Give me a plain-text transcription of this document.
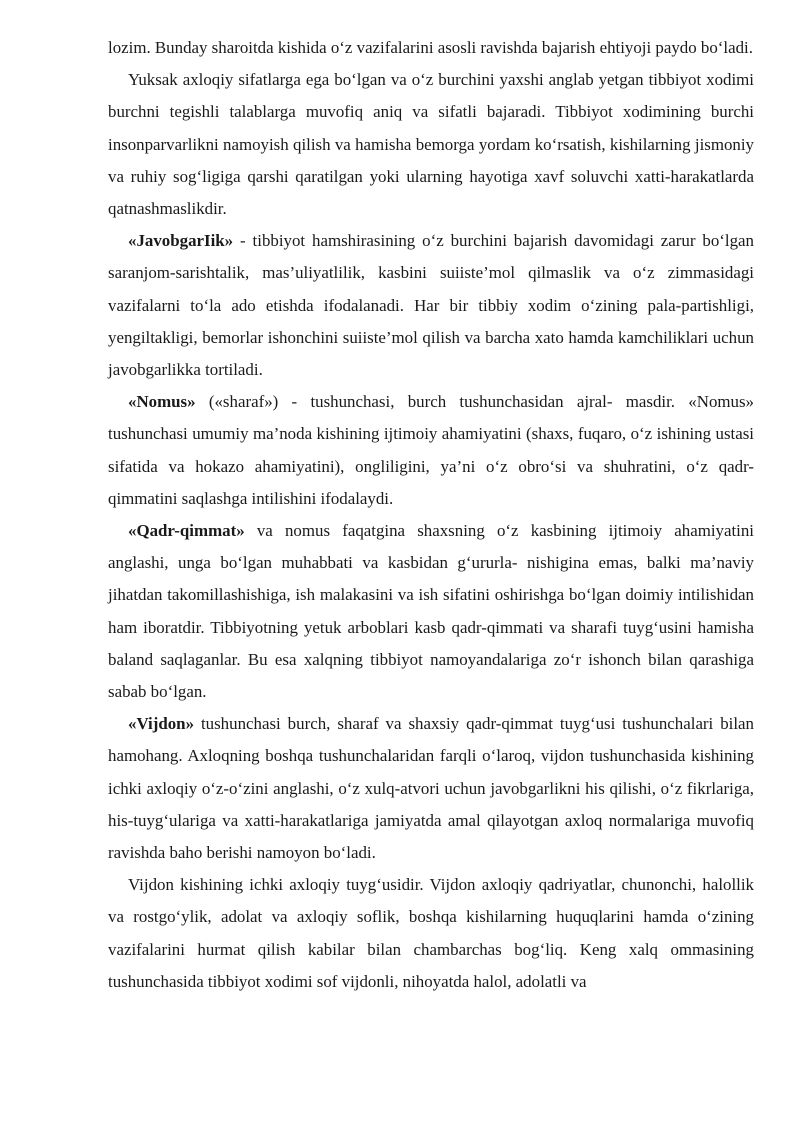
lozim. Bunday sharoitda kishida o‘z vazifalarini asosli ravishda bajarish ehtiyoji paydo bo‘ladi.

Yuksak axloqiy sifatlarga ega bo‘lgan va o‘z burchini yaxshi anglab yetgan tibbiyot xodimi burchni tegishli talablarga muvofiq aniq va sifatli bajaradi. Tibbiyot xodimining burchi insonparvarlikni namoyish qilish va hamisha bemorga yordam ko‘rsatish, kishilarning jismoniy va ruhiy sog‘ligiga qarshi qaratilgan yoki ularning hayotiga xavf soluvchi xatti-harakatlarda qatnashmaslikdir.

«JavobgarIik» - tibbiyot hamshirasining o‘z burchini bajarish davomidagi zarur bo‘lgan saranjom-sarishtalik, mas’uliyatlilik, kasbini suiiste’mol qilmaslik va o‘z zimmasidagi vazifalarni to‘la ado etishda ifodalanadi. Har bir tibbiy xodim o‘zining pala-partishligi, yengiltakligi, bemorlar ishonchini suiiste’mol qilish va barcha xato hamda kamchiliklari uchun javobgarlikka tortiladi.

«Nomus» («sharaf») - tushunchasi, burch tushunchasidan ajral- masdir. «Nomus» tushunchasi umumiy ma’noda kishining ijtimoiy ahamiyatini (shaxs, fuqaro, o‘z ishining ustasi sifatida va hokazo ahamiyatini), ongliligini, ya’ni o‘z obro‘si va shuhratini, o‘z qadr- qimmatini saqlashga intilishini ifodalaydi.

«Qadr-qimmat» va nomus faqatgina shaxsning o‘z kasbining ijtimoiy ahamiyatini anglashi, unga bo‘lgan muhabbati va kasbidan g‘ururla- nishigina emas, balki ma’naviy jihatdan takomillashishiga, ish malakasini va ish sifatini oshirishga bo‘lgan doimiy intilishidan ham iboratdir. Tibbiyotning yetuk arboblari kasb qadr-qimmati va sharafi tuyg‘usini hamisha baland saqlaganlar. Bu esa xalqning tibbiyot namoyandalariga zo‘r ishonch bilan qarashiga sabab bo‘lgan.

«Vijdon» tushunchasi burch, sharaf va shaxsiy qadr-qimmat tuyg‘usi tushunchalari bilan hamohang. Axloqning boshqa tushunchalaridan farqli o‘laroq, vijdon tushunchasida kishining ichki axloqiy o‘z-o‘zini anglashi, o‘z xulq-atvori uchun javobgarlikni his qilishi, o‘z fikrlariga, his-tuyg‘ulariga va xatti-harakatlariga jamiyatda amal qilayotgan axloq normalariga muvofiq ravishda baho berishi namoyon bo‘ladi.

Vijdon kishining ichki axloqiy tuyg‘usidir. Vijdon axloqiy qadriyatlar, chunonchi, halollik va rostgo‘ylik, adolat va axloqiy soflik, boshqa kishilarning huquqlarini hamda o‘zining vazifalarini hurmat qilish kabilar bilan chambarchas bog‘liq. Keng xalq ommasining tushunchasida tibbiyot xodimi sof vijdonli, nihoyatda halol, adolatli va
